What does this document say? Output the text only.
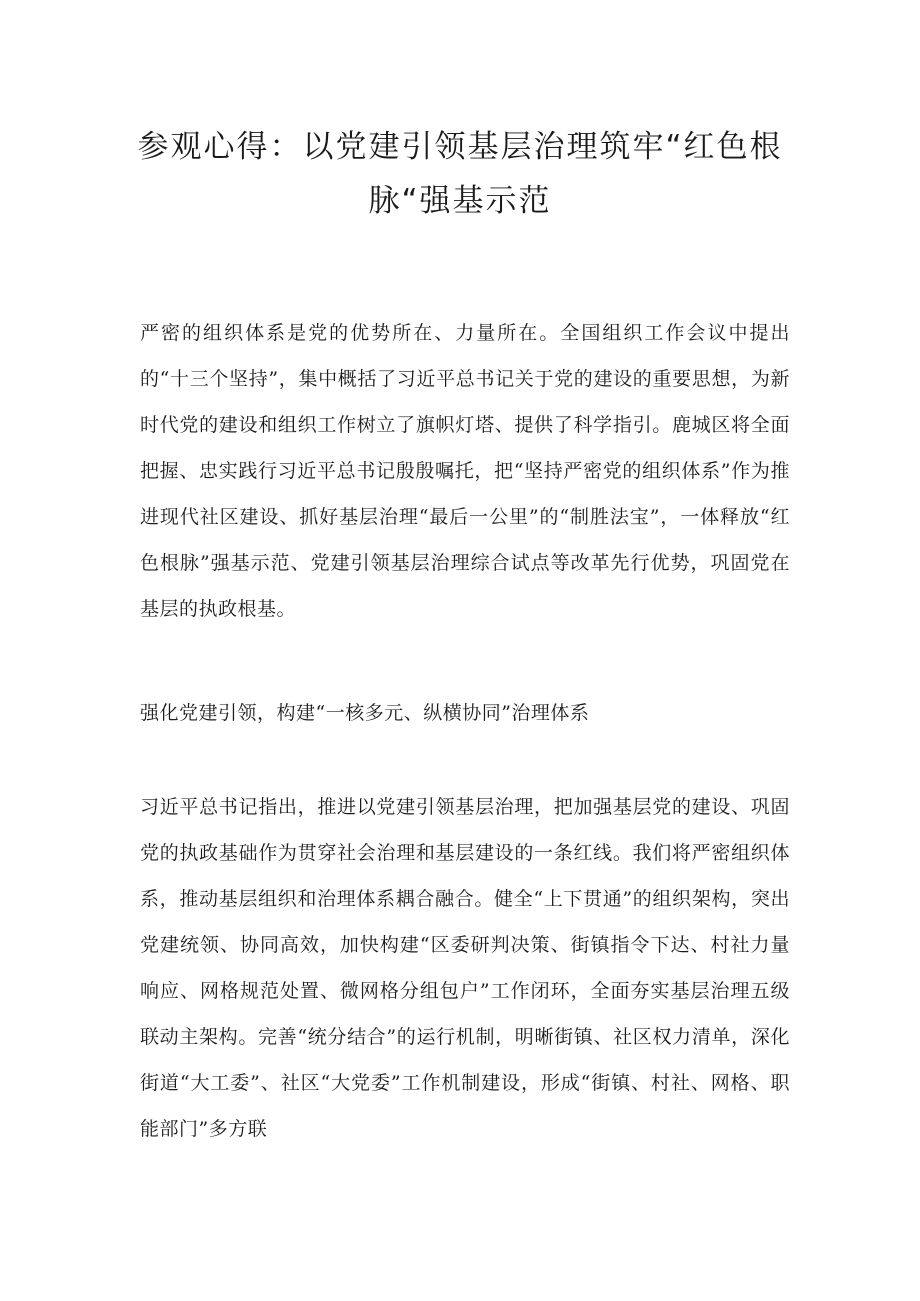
参观心得：以党建引领基层治理筑牢“红色根脉“强基示范

严密的组织体系是党的优势所在、力量所在。全国组织工作会议中提出的“十三个坚持”，集中概括了习近平总书记关于党的建设的重要思想，为新时代党的建设和组织工作树立了旗帜灯塔、提供了科学指引。鹿城区将全面把握、忠实践行习近平总书记殷殷嘱托，把“坚持严密党的组织体系”作为推进现代社区建设、抓好基层治理“最后一公里”的“制胜法宝”，一体释放“红色根脉”强基示范、党建引领基层治理综合试点等改革先行优势，巩固党在基层的执政根基。

强化党建引领，构建“一核多元、纵横协同”治理体系

习近平总书记指出，推进以党建引领基层治理，把加强基层党的建设、巩固党的执政基础作为贯穿社会治理和基层建设的一条红线。我们将严密组织体系，推动基层组织和治理体系耦合融合。健全“上下贯通”的组织架构，突出党建统领、协同高效，加快构建“区委研判决策、街镇指令下达、村社力量响应、网格规范处置、微网格分组包户”工作闭环，全面夯实基层治理五级联动主架构。完善“统分结合”的运行机制，明晰街镇、社区权力清单，深化街道“大工委”、社区“大党委”工作机制建设，形成“街镇、村社、网格、职能部门”多方联
